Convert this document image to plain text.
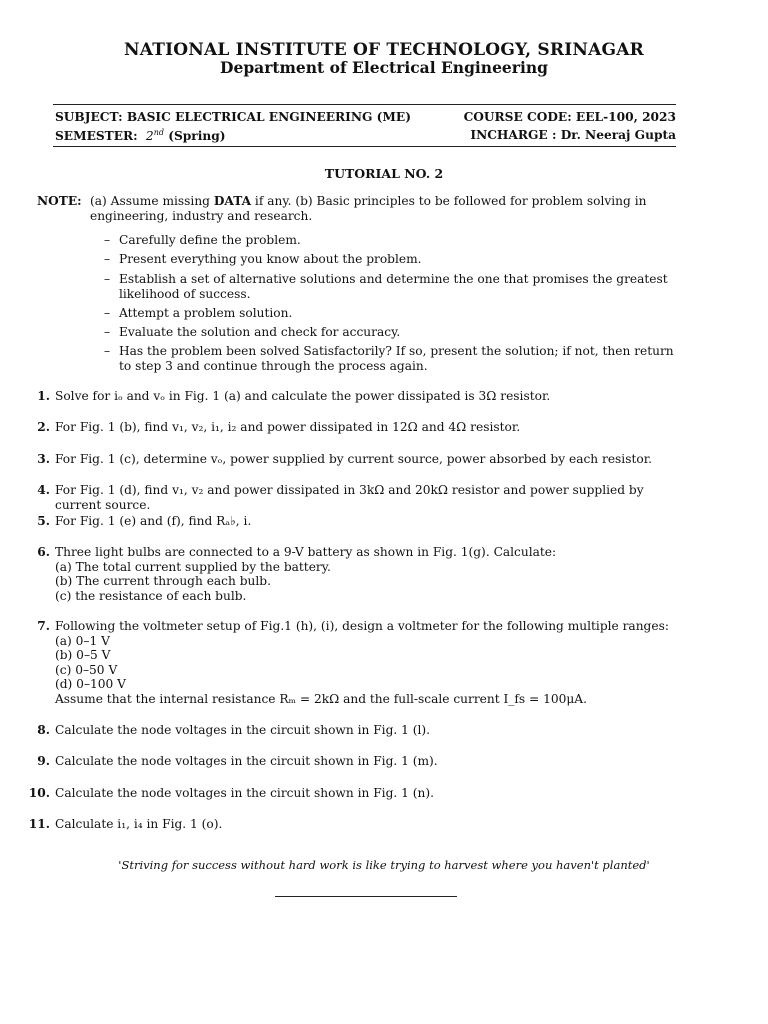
NATIONAL INSTITUTE OF TECHNOLOGY, SRINAGAR
Department of Electrical Engineering
SUBJECT: BASIC ELECTRICAL ENGINEERING (ME)	COURSE CODE: EEL-100, 2023
SEMESTER: 2nd (Spring)	INCHARGE : Dr. Neeraj Gupta
TUTORIAL NO. 2
NOTE: (a) Assume missing DATA if any. (b) Basic principles to be followed for problem solving in engineering, industry and research.
– Carefully define the problem.
– Present everything you know about the problem.
– Establish a set of alternative solutions and determine the one that promises the greatest likelihood of success.
– Attempt a problem solution.
– Evaluate the solution and check for accuracy.
– Has the problem been solved Satisfactorily? If so, present the solution; if not, then return to step 3 and continue through the process again.
1. Solve for iₒ and vₒ in Fig. 1 (a) and calculate the power dissipated is 3Ω resistor.
2. For Fig. 1 (b), find v₁, v₂, i₁, i₂ and power dissipated in 12Ω and 4Ω resistor.
3. For Fig. 1 (c), determine vₒ, power supplied by current source, power absorbed by each resistor.
4. For Fig. 1 (d), find v₁, v₂ and power dissipated in 3kΩ and 20kΩ resistor and power supplied by current source.
5. For Fig. 1 (e) and (f), find Rₐ♭, i.
6. Three light bulbs are connected to a 9-V battery as shown in Fig. 1(g). Calculate:
(a) The total current supplied by the battery.
(b) The current through each bulb.
(c) the resistance of each bulb.
7. Following the voltmeter setup of Fig.1 (h), (i), design a voltmeter for the following multiple ranges:
(a) 0–1 V
(b) 0–5 V
(c) 0–50 V
(d) 0–100 V
Assume that the internal resistance Rₘ = 2kΩ and the full-scale current I_fs = 100μA.
8. Calculate the node voltages in the circuit shown in Fig. 1 (l).
9. Calculate the node voltages in the circuit shown in Fig. 1 (m).
10. Calculate the node voltages in the circuit shown in Fig. 1 (n).
11. Calculate i₁, i₄ in Fig. 1 (o).
'Striving for success without hard work is like trying to harvest where you haven't planted'
